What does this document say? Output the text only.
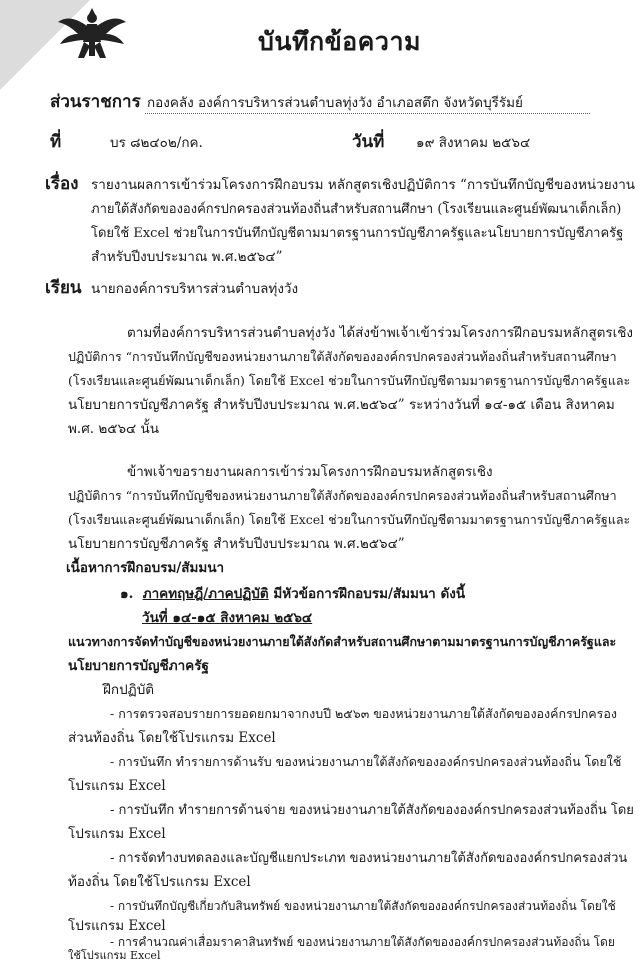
บันทึกข้อความ
ส่วนราชการ กองคลัง องค์การบริหารส่วนตำบลทุ่งวัง อำเภอสตึก จังหวัดบุรีรัมย์
ที่	บร ๘๒๔๐๒/กค.	วันที่ ๑๙ สิงหาคม ๒๕๖๔
เรื่อง รายงานผลการเข้าร่วมโครงการฝึกอบรม หลักสูตรเชิงปฏิบัติการ “การบันทึกบัญชีของหน่วยงาน
ภายใต้สังกัดขององค์กรปกครองส่วนท้องถิ่นสำหรับสถานศึกษา (โรงเรียนและศูนย์พัฒนาเด็กเล็ก)
โดยใช้ Excel ช่วยในการบันทึกบัญชีตามมาตรฐานการบัญชีภาครัฐและนโยบายการบัญชีภาครัฐ
สำหรับปีงบประมาณ พ.ศ.๒๕๖๔”
เรียน นายกองค์การบริหารส่วนตำบลทุ่งวัง
ตามที่องค์การบริหารส่วนตำบลทุ่งวัง ได้ส่งข้าพเจ้าเข้าร่วมโครงการฝึกอบรมหลักสูตรเชิง
ปฏิบัติการ “การบันทึกบัญชีของหน่วยงานภายใต้สังกัดขององค์กรปกครองส่วนท้องถิ่นสำหรับสถานศึกษา
(โรงเรียนและศูนย์พัฒนาเด็กเล็ก) โดยใช้ Excel ช่วยในการบันทึกบัญชีตามมาตรฐานการบัญชีภาครัฐและ
นโยบายการบัญชีภาครัฐ สำหรับปีงบประมาณ พ.ศ.๒๕๖๔” ระหว่างวันที่ ๑๔-๑๕ เดือน สิงหาคม
พ.ศ. ๒๕๖๔ นั้น
ข้าพเจ้าขอรายงานผลการเข้าร่วมโครงการฝึกอบรมหลักสูตรเชิง
ปฏิบัติการ “การบันทึกบัญชีของหน่วยงานภายใต้สังกัดขององค์กรปกครองส่วนท้องถิ่นสำหรับสถานศึกษา
(โรงเรียนและศูนย์พัฒนาเด็กเล็ก) โดยใช้ Excel ช่วยในการบันทึกบัญชีตามมาตรฐานการบัญชีภาครัฐและ
นโยบายการบัญชีภาครัฐ สำหรับปีงบประมาณ พ.ศ.๒๕๖๔”
เนื้อหาการฝึกอบรม/สัมมนา
๑. ภาคทฤษฎี/ภาคปฏิบัติ มีหัวข้อการฝึกอบรม/สัมมนา ดังนี้
วันที่ ๑๔-๑๕ สิงหาคม ๒๕๖๔
แนวทางการจัดทำบัญชีของหน่วยงานภายใต้สังกัดสำหรับสถานศึกษาตามมาตรฐานการบัญชีภาครัฐและ
นโยบายการบัญชีภาครัฐ
ฝึกปฏิบัติ
- การตรวจสอบรายการยอดยกมาจากงบปี ๒๕๖๓ ของหน่วยงานภายใต้สังกัดขององค์กรปกครอง
ส่วนท้องถิ่น โดยใช้โปรแกรม Excel
- การบันทึก ทำรายการด้านรับ ของหน่วยงานภายใต้สังกัดขององค์กรปกครองส่วนท้องถิ่น โดยใช้
โปรแกรม Excel
- การบันทึก ทำรายการด้านจ่าย ของหน่วยงานภายใต้สังกัดขององค์กรปกครองส่วนท้องถิ่น โดย
โปรแกรม Excel
- การจัดทำงบทดลองและบัญชีแยกประเภท ของหน่วยงานภายใต้สังกัดขององค์กรปกครองส่วน
ท้องถิ่น โดยใช้โปรแกรม Excel
- การบันทึกบัญชีเกี่ยวกับสินทรัพย์ ของหน่วยงานภายใต้สังกัดขององค์กรปกครองส่วนท้องถิ่น โดยใช้
โปรแกรม Excel
- การคำนวณค่าเสื่อมราคาสินทรัพย์ ของหน่วยงานภายใต้สังกัดขององค์กรปกครองส่วนท้องถิ่น โดย
ใช้โปรแกรม Excel
